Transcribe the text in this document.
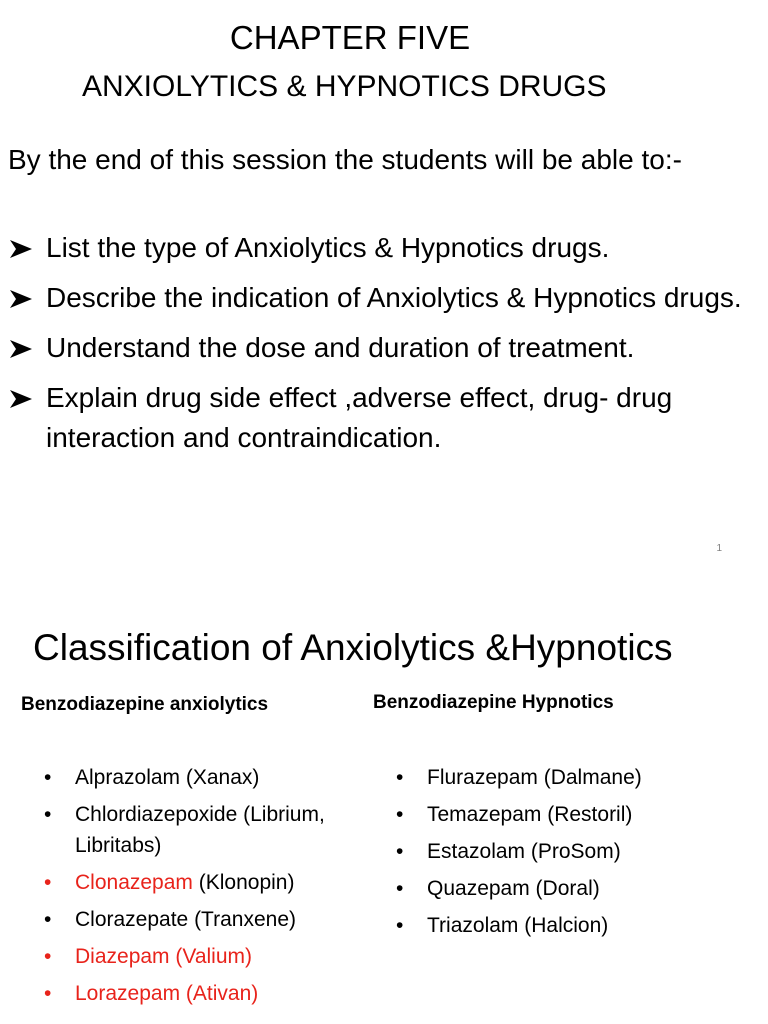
CHAPTER FIVE
ANXIOLYTICS & HYPNOTICS DRUGS
By the end of this session the students will be able to:-
List the type of Anxiolytics & Hypnotics drugs.
Describe the indication of Anxiolytics & Hypnotics drugs.
Understand the dose and duration of treatment.
Explain drug side effect ,adverse effect, drug- drug interaction and contraindication.
1
Classification of Anxiolytics &Hypnotics
Benzodiazepine anxiolytics	Benzodiazepine Hypnotics
• Alprazolam (Xanax)
• Chlordiazepoxide (Librium, Libritabs)
• Clonazepam (Klonopin)
• Clorazepate (Tranxene)
• Diazepam (Valium)
• Lorazepam (Ativan)
• Flurazepam (Dalmane)
• Temazepam (Restoril)
• Estazolam (ProSom)
• Quazepam (Doral)
• Triazolam (Halcion)
